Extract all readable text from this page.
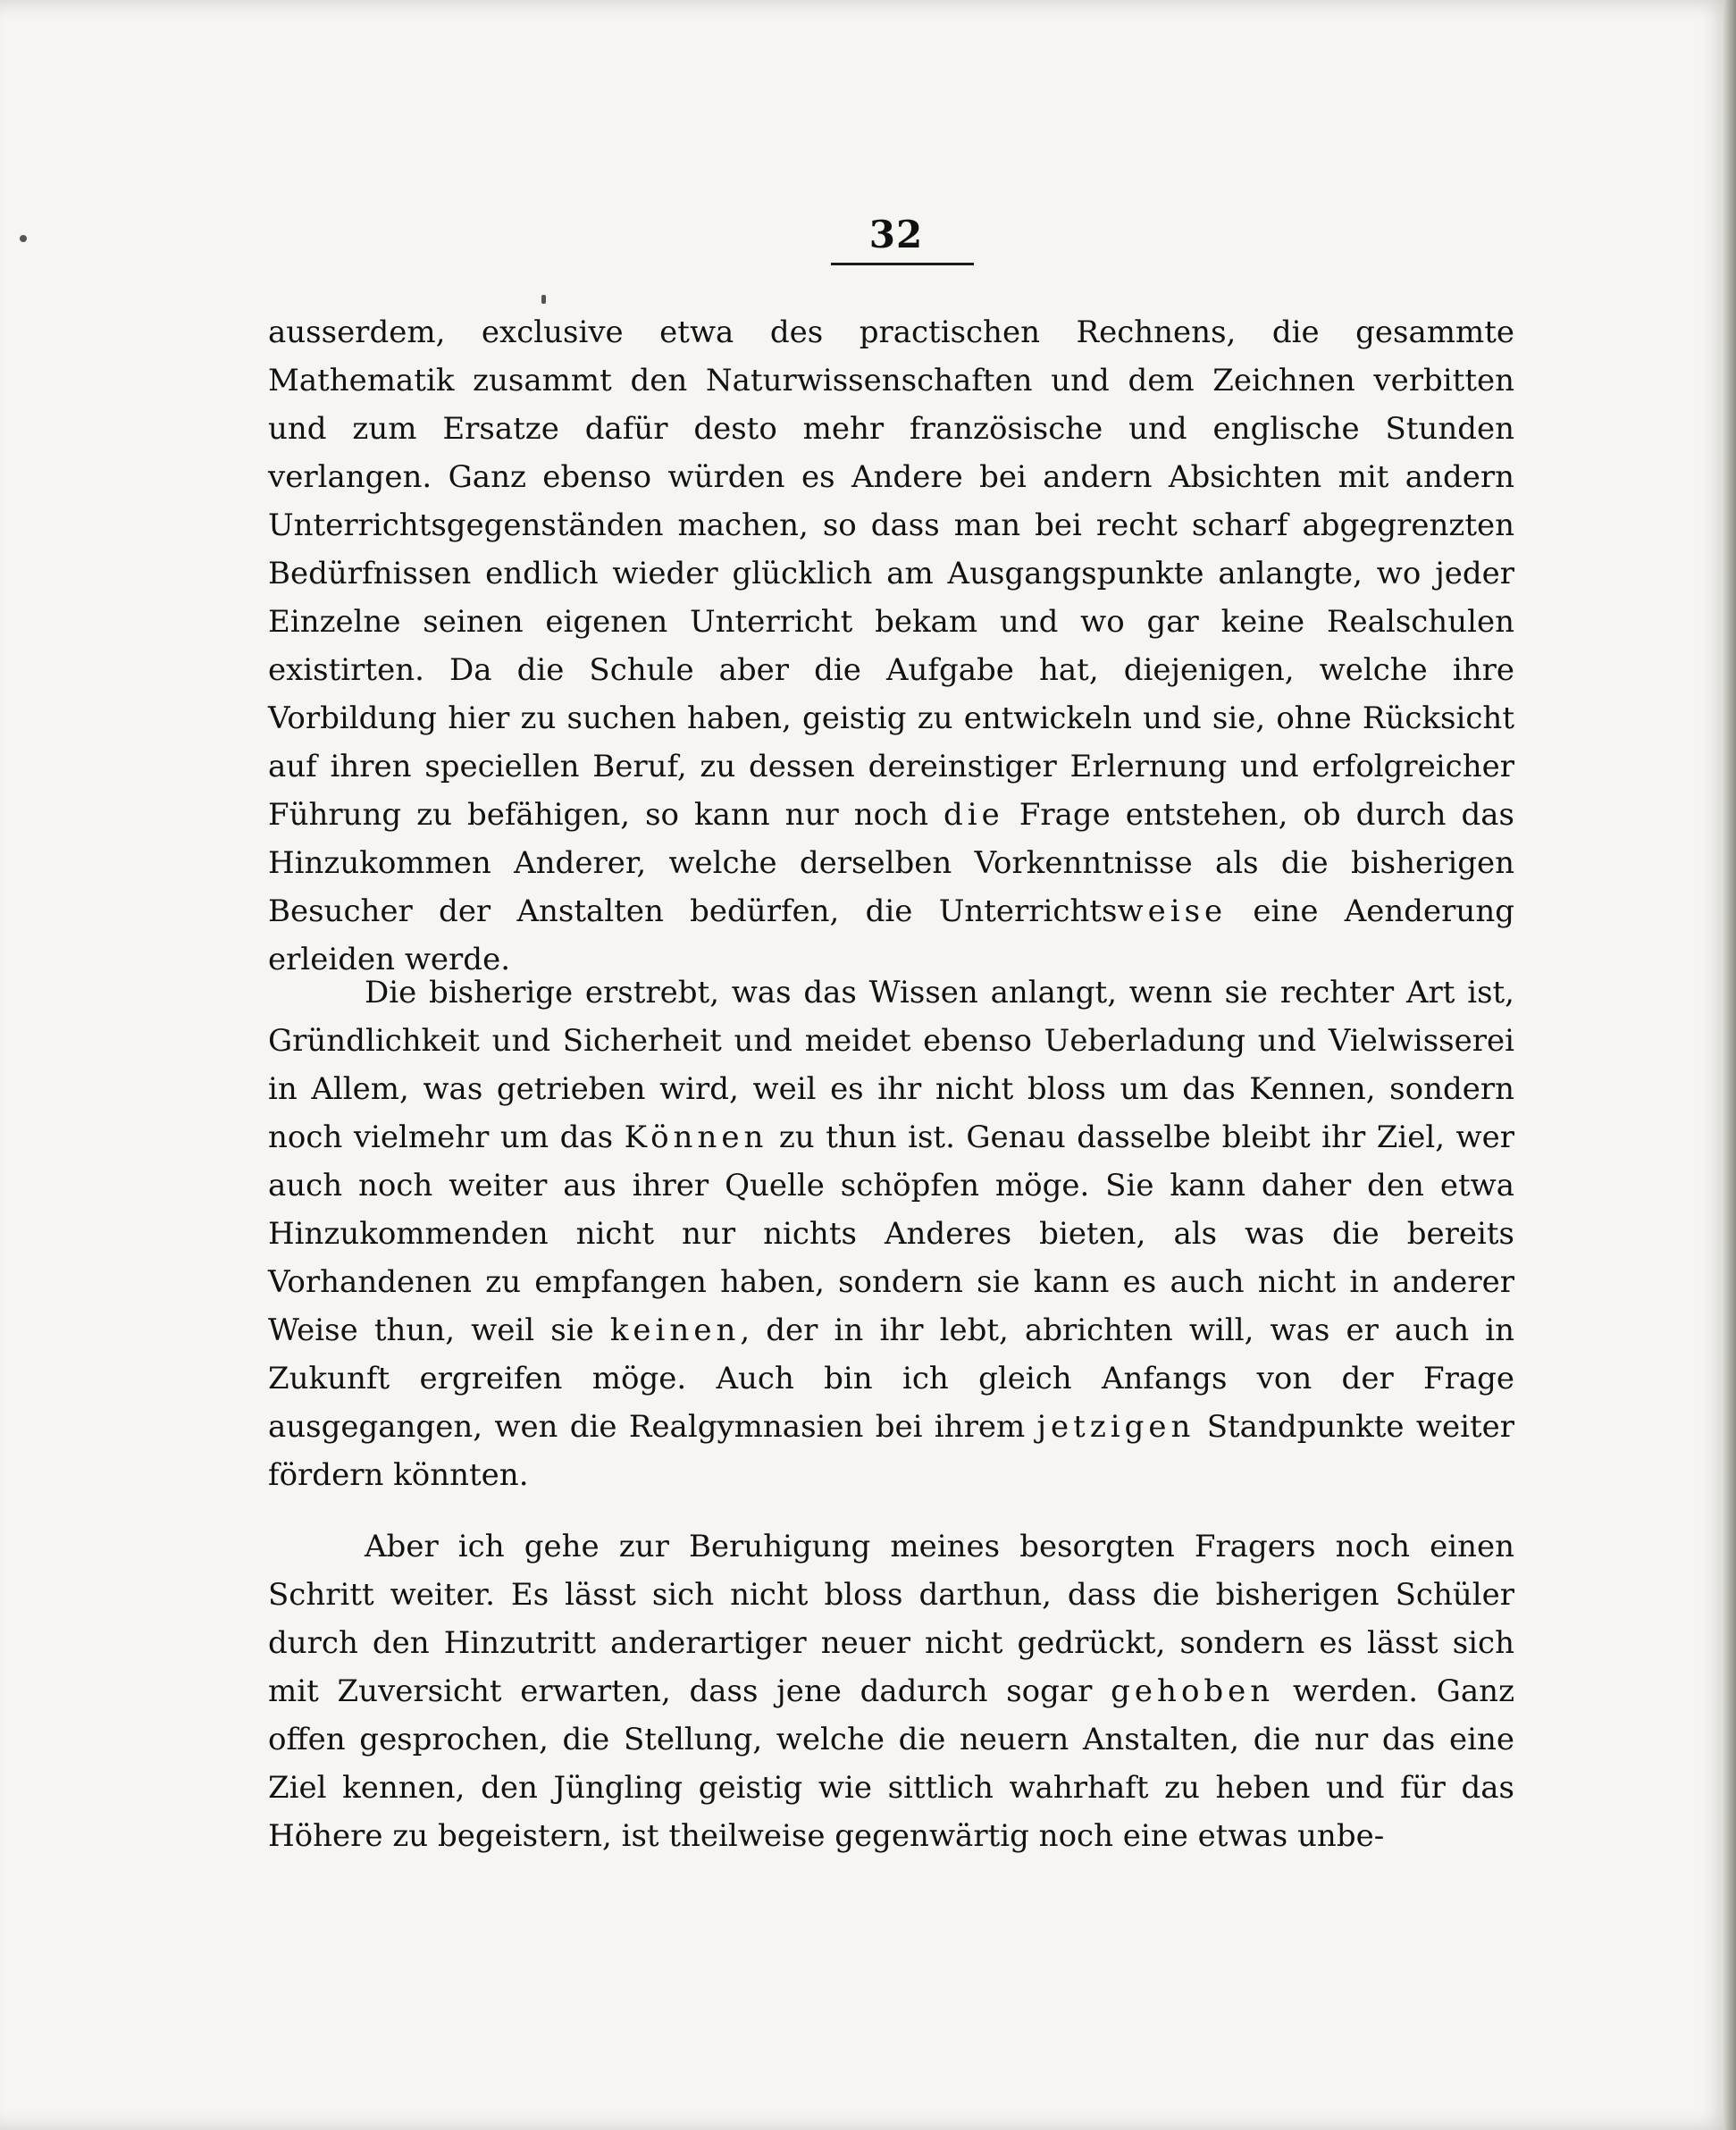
32

ausserdem, exclusive etwa des practischen Rechnens, die gesammte Mathematik zusammt den Naturwissenschaften und dem Zeichnen verbitten und zum Ersatze dafür desto mehr französische und englische Stunden verlangen. Ganz ebenso würden es Andere bei andern Absichten mit andern Unterrichtsgegenständen machen, so dass man bei recht scharf abgegrenzten Bedürfnissen endlich wieder glücklich am Ausgangspunkte anlangte, wo jeder Einzelne seinen eigenen Unterricht bekam und wo gar keine Realschulen existirten. Da die Schule aber die Aufgabe hat, diejenigen, welche ihre Vorbildung hier zu suchen haben, geistig zu entwickeln und sie, ohne Rücksicht auf ihren speciellen Beruf, zu dessen dereinstiger Erlernung und erfolgreicher Führung zu befähigen, so kann nur noch die Frage entstehen, ob durch das Hinzukommen Anderer, welche derselben Vorkenntnisse als die bisherigen Besucher der Anstalten bedürfen, die Unterrichtsweise eine Aenderung erleiden werde.

Die bisherige erstrebt, was das Wissen anlangt, wenn sie rechter Art ist, Gründlichkeit und Sicherheit und meidet ebenso Ueberladung und Vielwisserei in Allem, was getrieben wird, weil es ihr nicht bloss um das Kennen, sondern noch vielmehr um das Können zu thun ist. Genau dasselbe bleibt ihr Ziel, wer auch noch weiter aus ihrer Quelle schöpfen möge. Sie kann daher den etwa Hinzukommenden nicht nur nichts Anderes bieten, als was die bereits Vorhandenen zu empfangen haben, sondern sie kann es auch nicht in anderer Weise thun, weil sie keinen, der in ihr lebt, abrichten will, was er auch in Zukunft ergreifen möge. Auch bin ich gleich Anfangs von der Frage ausgegangen, wen die Realgymnasien bei ihrem jetzigen Standpunkte weiter fördern könnten.

Aber ich gehe zur Beruhigung meines besorgten Fragers noch einen Schritt weiter. Es lässt sich nicht bloss darthun, dass die bisherigen Schüler durch den Hinzutritt anderartiger neuer nicht gedrückt, sondern es lässt sich mit Zuversicht erwarten, dass jene dadurch sogar gehoben werden. Ganz offen gesprochen, die Stellung, welche die neuern Anstalten, die nur das eine Ziel kennen, den Jüngling geistig wie sittlich wahrhaft zu heben und für das Höhere zu begeistern, ist theilweise gegenwärtig noch eine etwas unbe-
